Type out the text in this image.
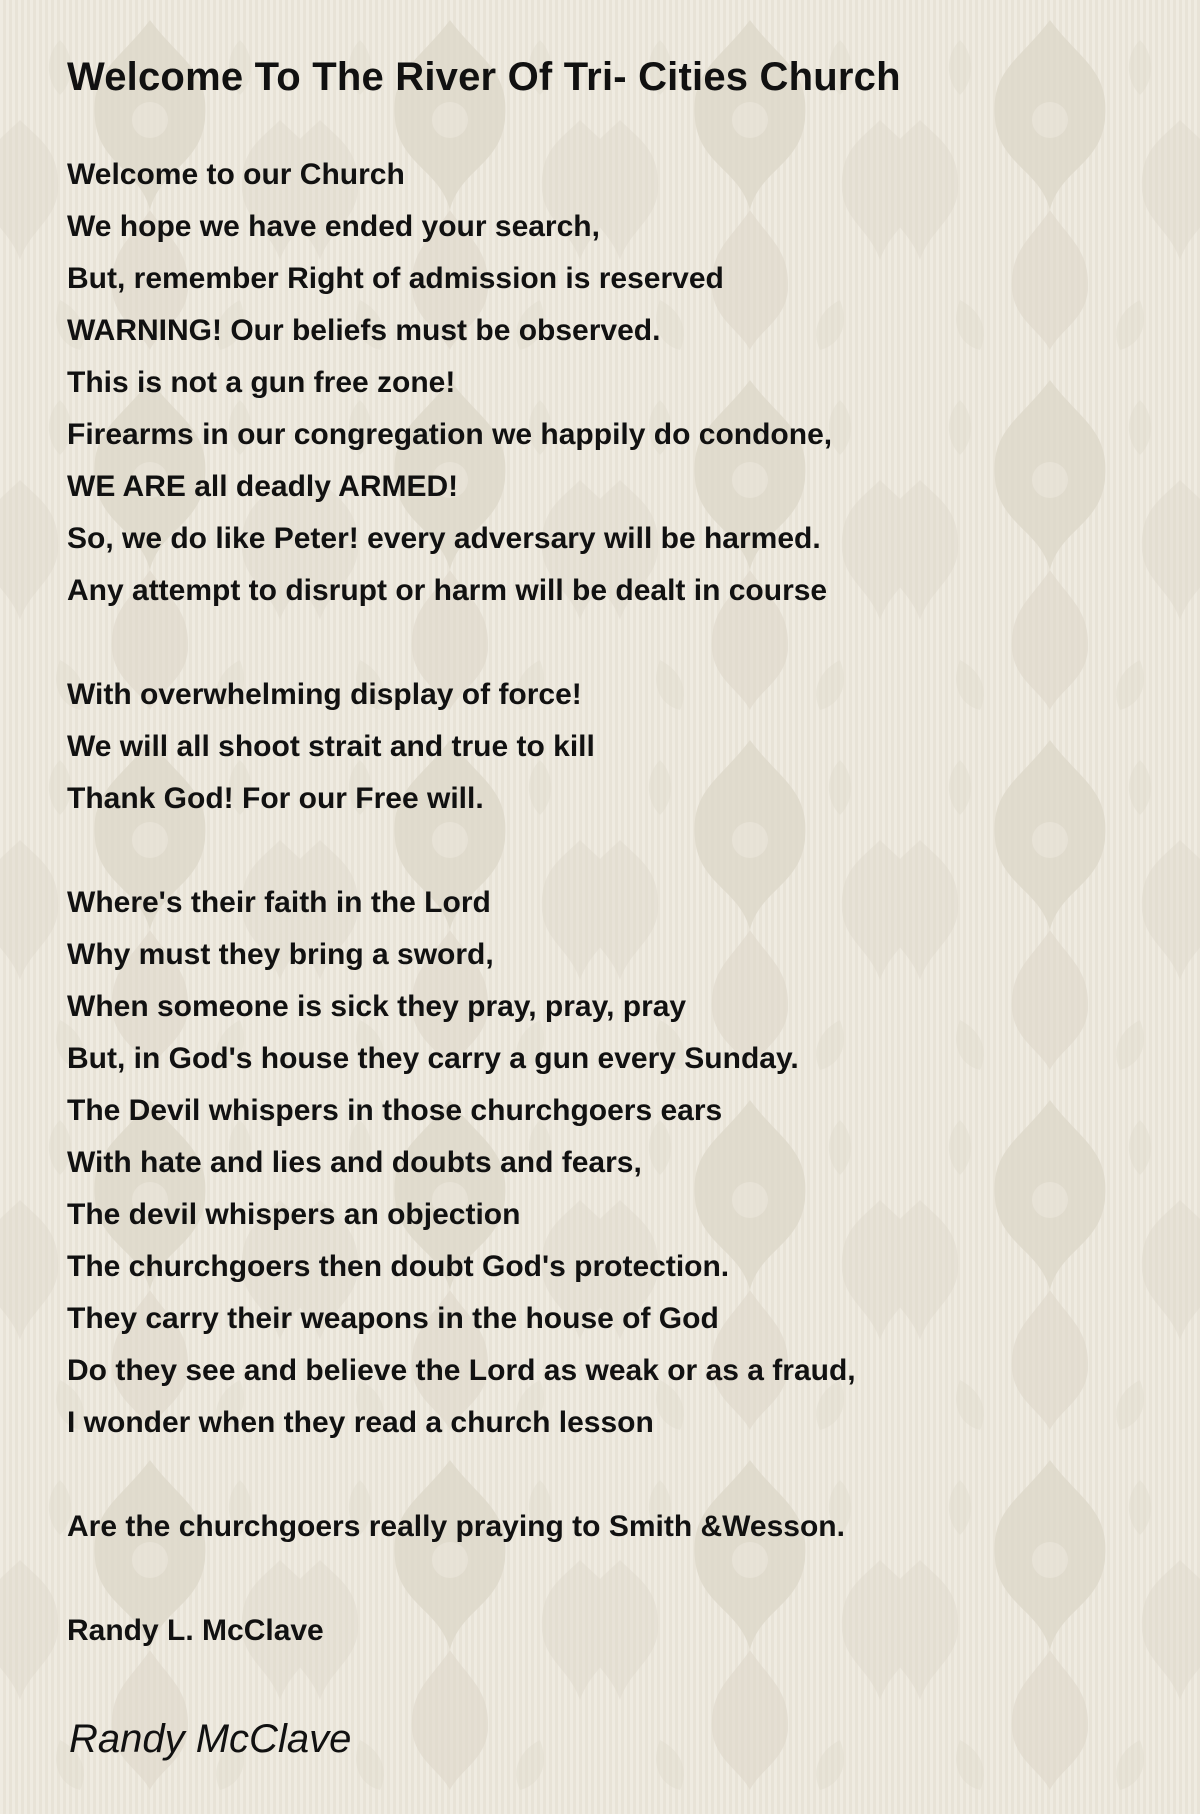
Welcome To The River Of Tri- Cities Church
Welcome to our Church
We hope we have ended your search,
But, remember Right of admission is reserved
WARNING! Our beliefs must be observed.
This is not a gun free zone!
Firearms in our congregation we happily do condone,
WE ARE all deadly ARMED!
So, we do like Peter! every adversary will be harmed.
Any attempt to disrupt or harm will be dealt in course
With overwhelming display of force!
We will all shoot strait and true to kill
Thank God! For our Free will.
Where's their faith in the Lord
Why must they bring a sword,
When someone is sick they pray, pray, pray
But, in God's house they carry a gun every Sunday.
The Devil whispers in those churchgoers ears
With hate and lies and doubts and fears,
The devil whispers an objection
The churchgoers then doubt God's protection.
They carry their weapons in the house of God
Do they see and believe the Lord as weak or as a fraud,
I wonder when they read a church lesson
Are the churchgoers really praying to Smith &Wesson.
Randy L. McClave
Randy McClave
